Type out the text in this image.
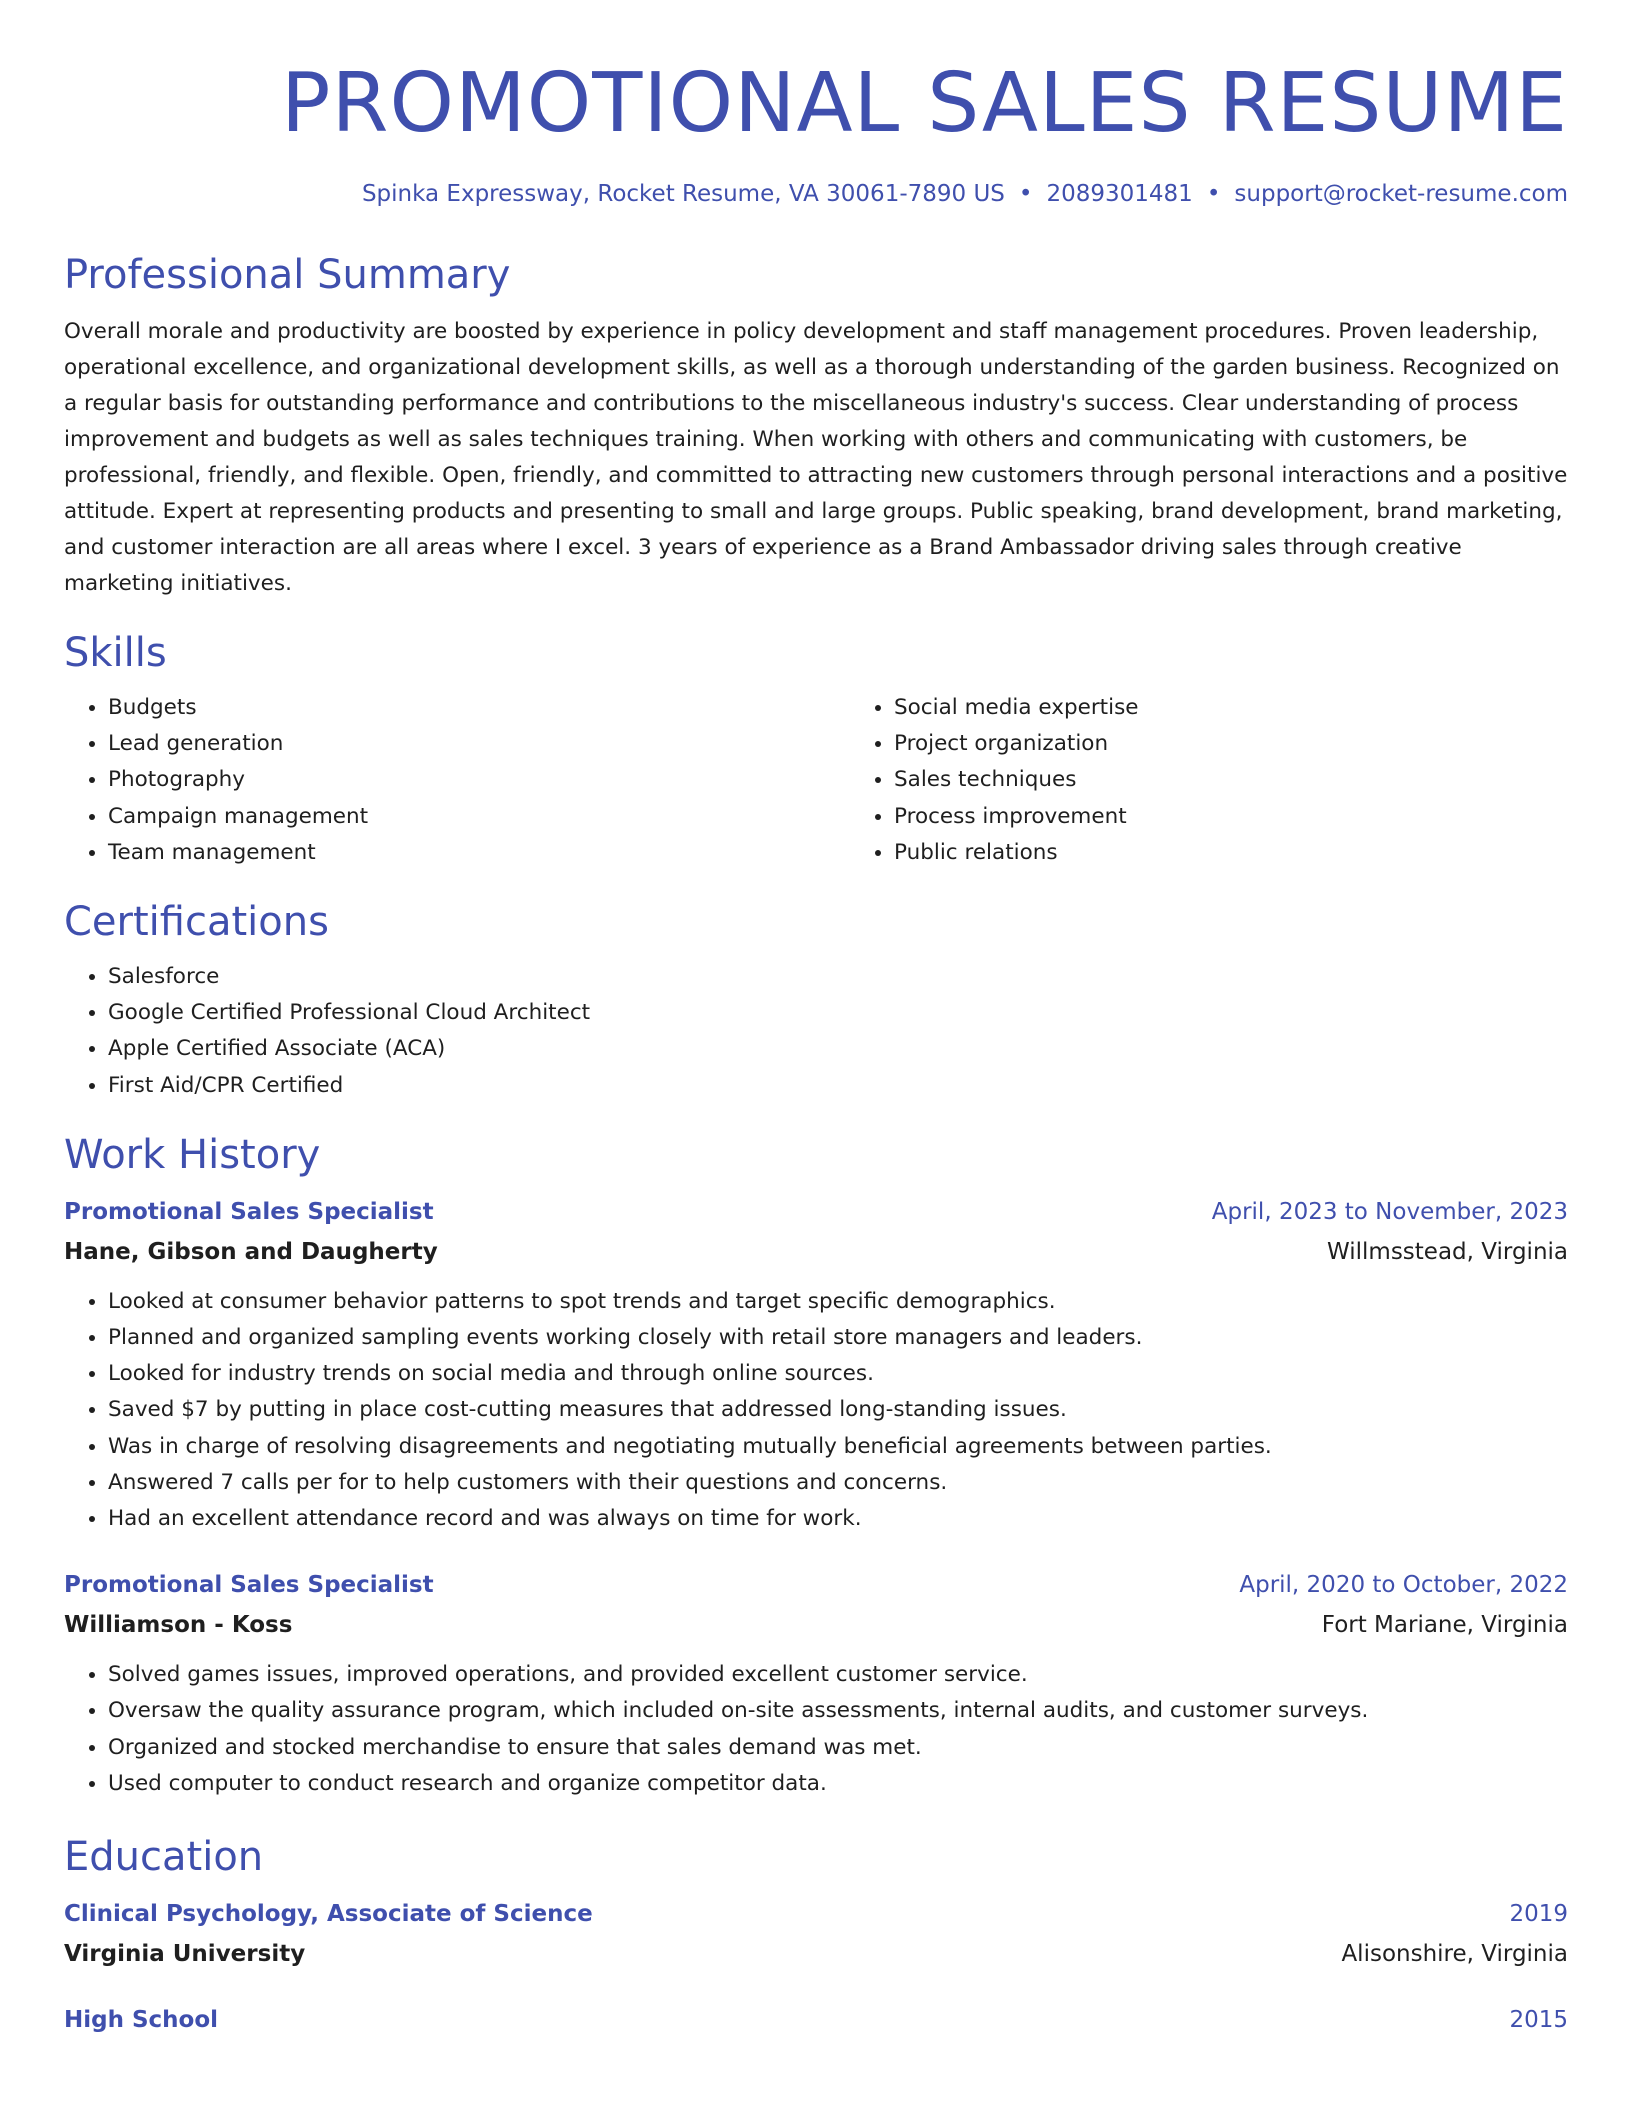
PROMOTIONAL SALES RESUME
Spinka Expressway, Rocket Resume, VA 30061-7890 US • 2089301481 • support@rocket-resume.com
Professional Summary

Overall morale and productivity are boosted by experience in policy development and staff management procedures. Proven leadership, operational excellence, and organizational development skills, as well as a thorough understanding of the garden business. Recognized on a regular basis for outstanding performance and contributions to the miscellaneous industry's success. Clear understanding of process improvement and budgets as well as sales techniques training. When working with others and communicating with customers, be professional, friendly, and flexible. Open, friendly, and committed to attracting new customers through personal interactions and a positive attitude. Expert at representing products and presenting to small and large groups. Public speaking, brand development, brand marketing, and customer interaction are all areas where I excel. 3 years of experience as a Brand Ambassador driving sales through creative marketing initiatives.

Skills
• Budgets
• Lead generation
• Photography
• Campaign management
• Team management
• Social media expertise
• Project organization
• Sales techniques
• Process improvement
• Public relations
Certifications
• Salesforce
• Google Certified Professional Cloud Architect
• Apple Certified Associate (ACA)
• First Aid/CPR Certified
Work History
Promotional Sales Specialist	April, 2023 to November, 2023
Hane, Gibson and Daugherty	Willmsstead, Virginia
• Looked at consumer behavior patterns to spot trends and target specific demographics.
• Planned and organized sampling events working closely with retail store managers and leaders.
• Looked for industry trends on social media and through online sources.
• Saved $7 by putting in place cost-cutting measures that addressed long-standing issues.
• Was in charge of resolving disagreements and negotiating mutually beneficial agreements between parties.
• Answered 7 calls per for to help customers with their questions and concerns.
• Had an excellent attendance record and was always on time for work.
Promotional Sales Specialist	April, 2020 to October, 2022
Williamson - Koss	Fort Mariane, Virginia
• Solved games issues, improved operations, and provided excellent customer service.
• Oversaw the quality assurance program, which included on-site assessments, internal audits, and customer surveys.
• Organized and stocked merchandise to ensure that sales demand was met.
• Used computer to conduct research and organize competitor data.
Education
Clinical Psychology, Associate of Science	2019
Virginia University	Alisonshire, Virginia
High School	2015
